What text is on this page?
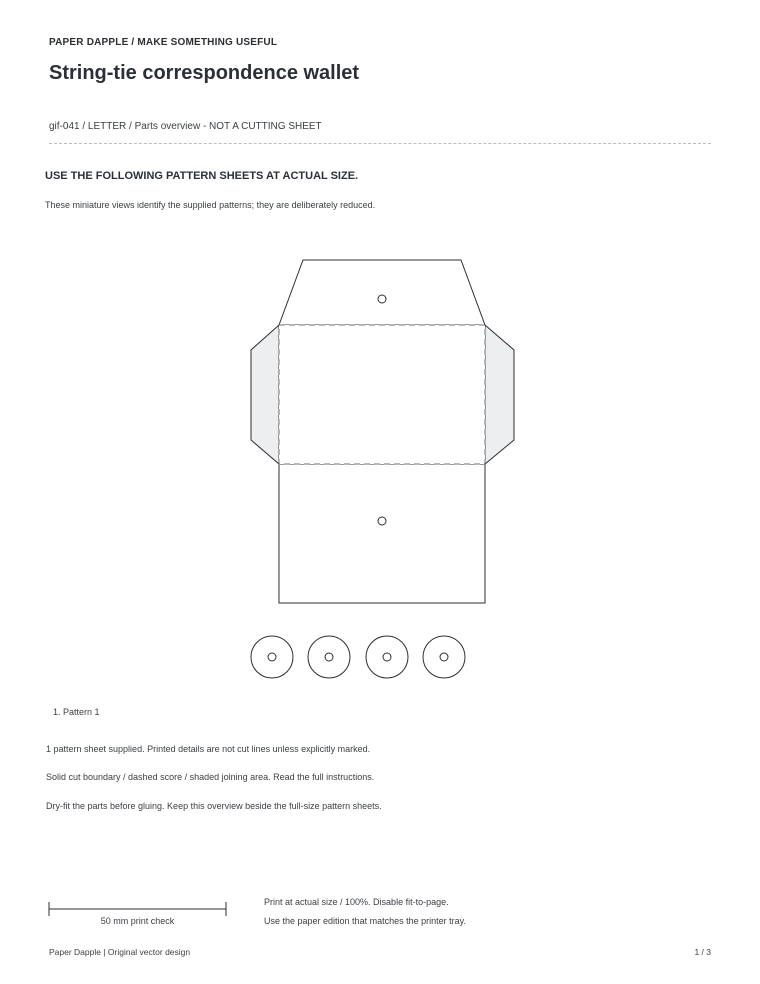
PAPER DAPPLE / MAKE SOMETHING USEFUL
String-tie correspondence wallet
gif-041 / LETTER / Parts overview - NOT A CUTTING SHEET
USE THE FOLLOWING PATTERN SHEETS AT ACTUAL SIZE.
These miniature views identify the supplied patterns; they are deliberately reduced.
1. Pattern 1
1 pattern sheet supplied. Printed details are not cut lines unless explicitly marked.
Solid cut boundary / dashed score / shaded joining area. Read the full instructions.
Dry-fit the parts before gluing. Keep this overview beside the full-size pattern sheets.
50 mm print check
Print at actual size / 100%. Disable fit-to-page.
Use the paper edition that matches the printer tray.
Paper Dapple | Original vector design	1 / 3
